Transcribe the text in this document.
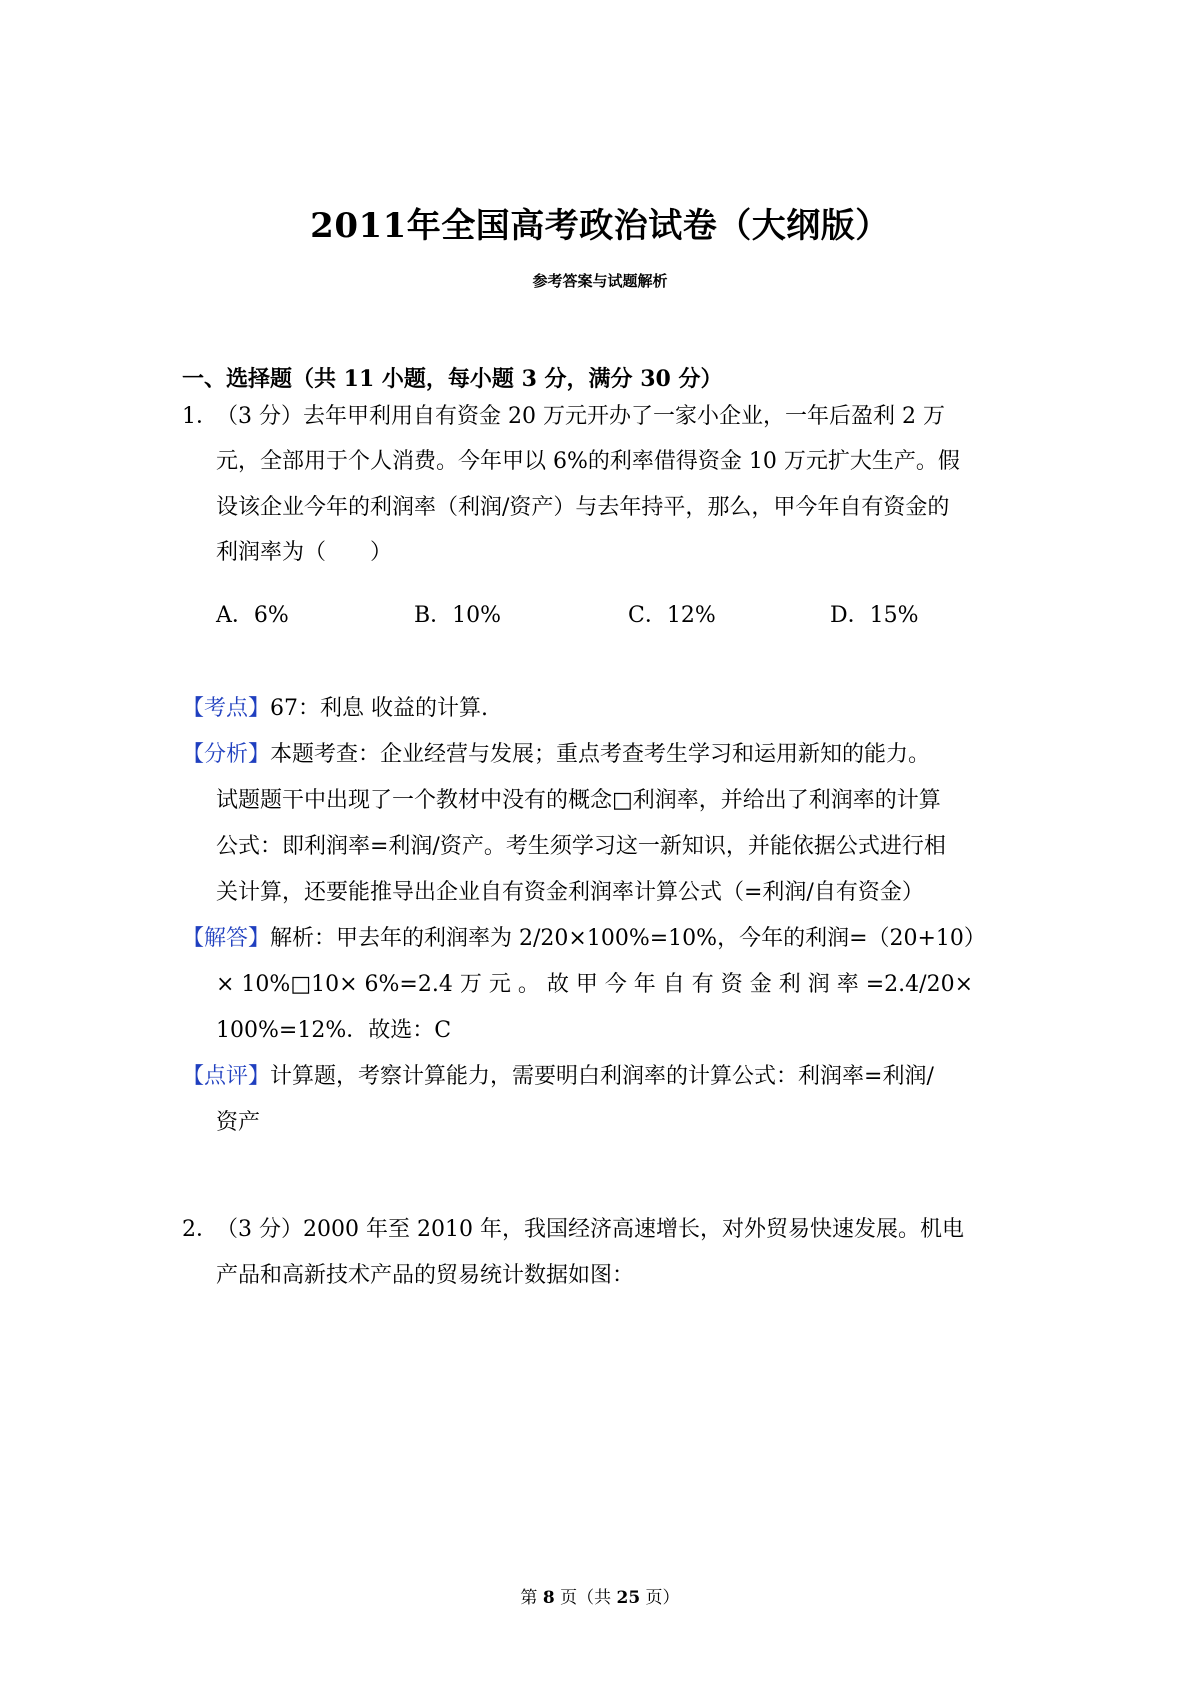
2011年全国高考政治试卷（大纲版）
参考答案与试题解析
一、选择题（共 11 小题，每小题 3 分，满分 30 分）
1．
（3 分）去年甲利用自有资金 20 万元开办了一家小企业，一年后盈利 2 万
元，全部用于个人消费。今年甲以 6%的利率借得资金 10 万元扩大生产。假
设该企业今年的利润率（利润/资产）与去年持平，那么，甲今年自有资金的
利润率为（　　）
A．6%	B．10%	C．12%	D．15%
【考点】67：利息 收益的计算.
【分析】本题考查：企业经营与发展；重点考查考生学习和运用新知的能力。
试题题干中出现了一个教材中没有的概念□利润率，并给出了利润率的计算
公式：即利润率=利润/资产。考生须学习这一新知识，并能依据公式进行相
关计算，还要能推导出企业自有资金利润率计算公式（=利润/自有资金）
【解答】解析：甲去年的利润率为 2/20×100%=10%，今年的利润=（20+10）
× 10%□10× 6%=2.4 万 元 。 故 甲 今 年 自 有 资 金 利 润 率 =2.4/20×
100%=12%．故选：C
【点评】计算题，考察计算能力，需要明白利润率的计算公式：利润率=利润/
资产
2．
（3 分）2000 年至 2010 年，我国经济高速增长，对外贸易快速发展。机电
产品和高新技术产品的贸易统计数据如图：
第 8 页（共 25 页）
